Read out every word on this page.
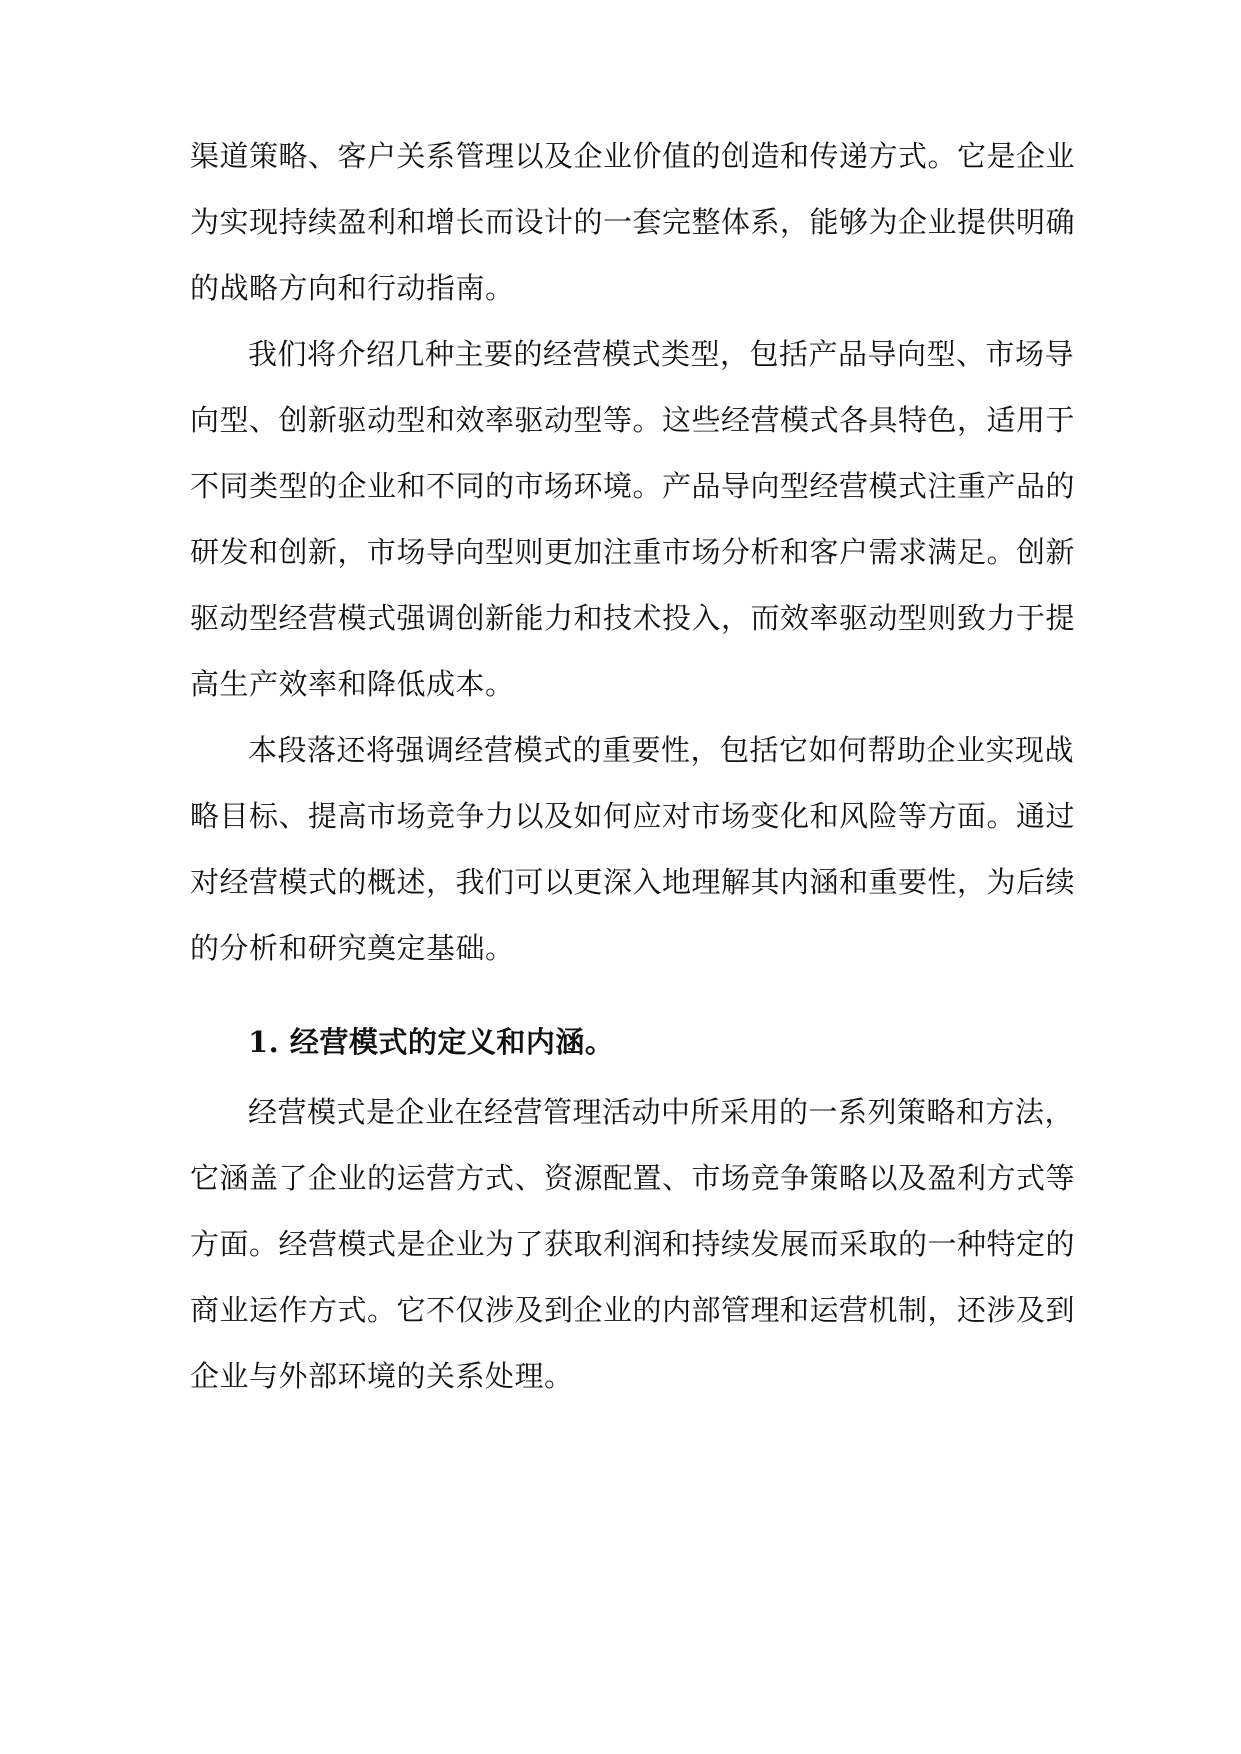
渠道策略、客户关系管理以及企业价值的创造和传递方式。它是企业
为实现持续盈利和增长而设计的一套完整体系，能够为企业提供明确
的战略方向和行动指南。
我们将介绍几种主要的经营模式类型，包括产品导向型、市场导
向型、创新驱动型和效率驱动型等。这些经营模式各具特色，适用于
不同类型的企业和不同的市场环境。产品导向型经营模式注重产品的
研发和创新，市场导向型则更加注重市场分析和客户需求满足。创新
驱动型经营模式强调创新能力和技术投入，而效率驱动型则致力于提
高生产效率和降低成本。
本段落还将强调经营模式的重要性，包括它如何帮助企业实现战
略目标、提高市场竞争力以及如何应对市场变化和风险等方面。通过
对经营模式的概述，我们可以更深入地理解其内涵和重要性，为后续
的分析和研究奠定基础。
1. 经营模式的定义和内涵。
经营模式是企业在经营管理活动中所采用的一系列策略和方法，
它涵盖了企业的运营方式、资源配置、市场竞争策略以及盈利方式等
方面。经营模式是企业为了获取利润和持续发展而采取的一种特定的
商业运作方式。它不仅涉及到企业的内部管理和运营机制，还涉及到
企业与外部环境的关系处理。
